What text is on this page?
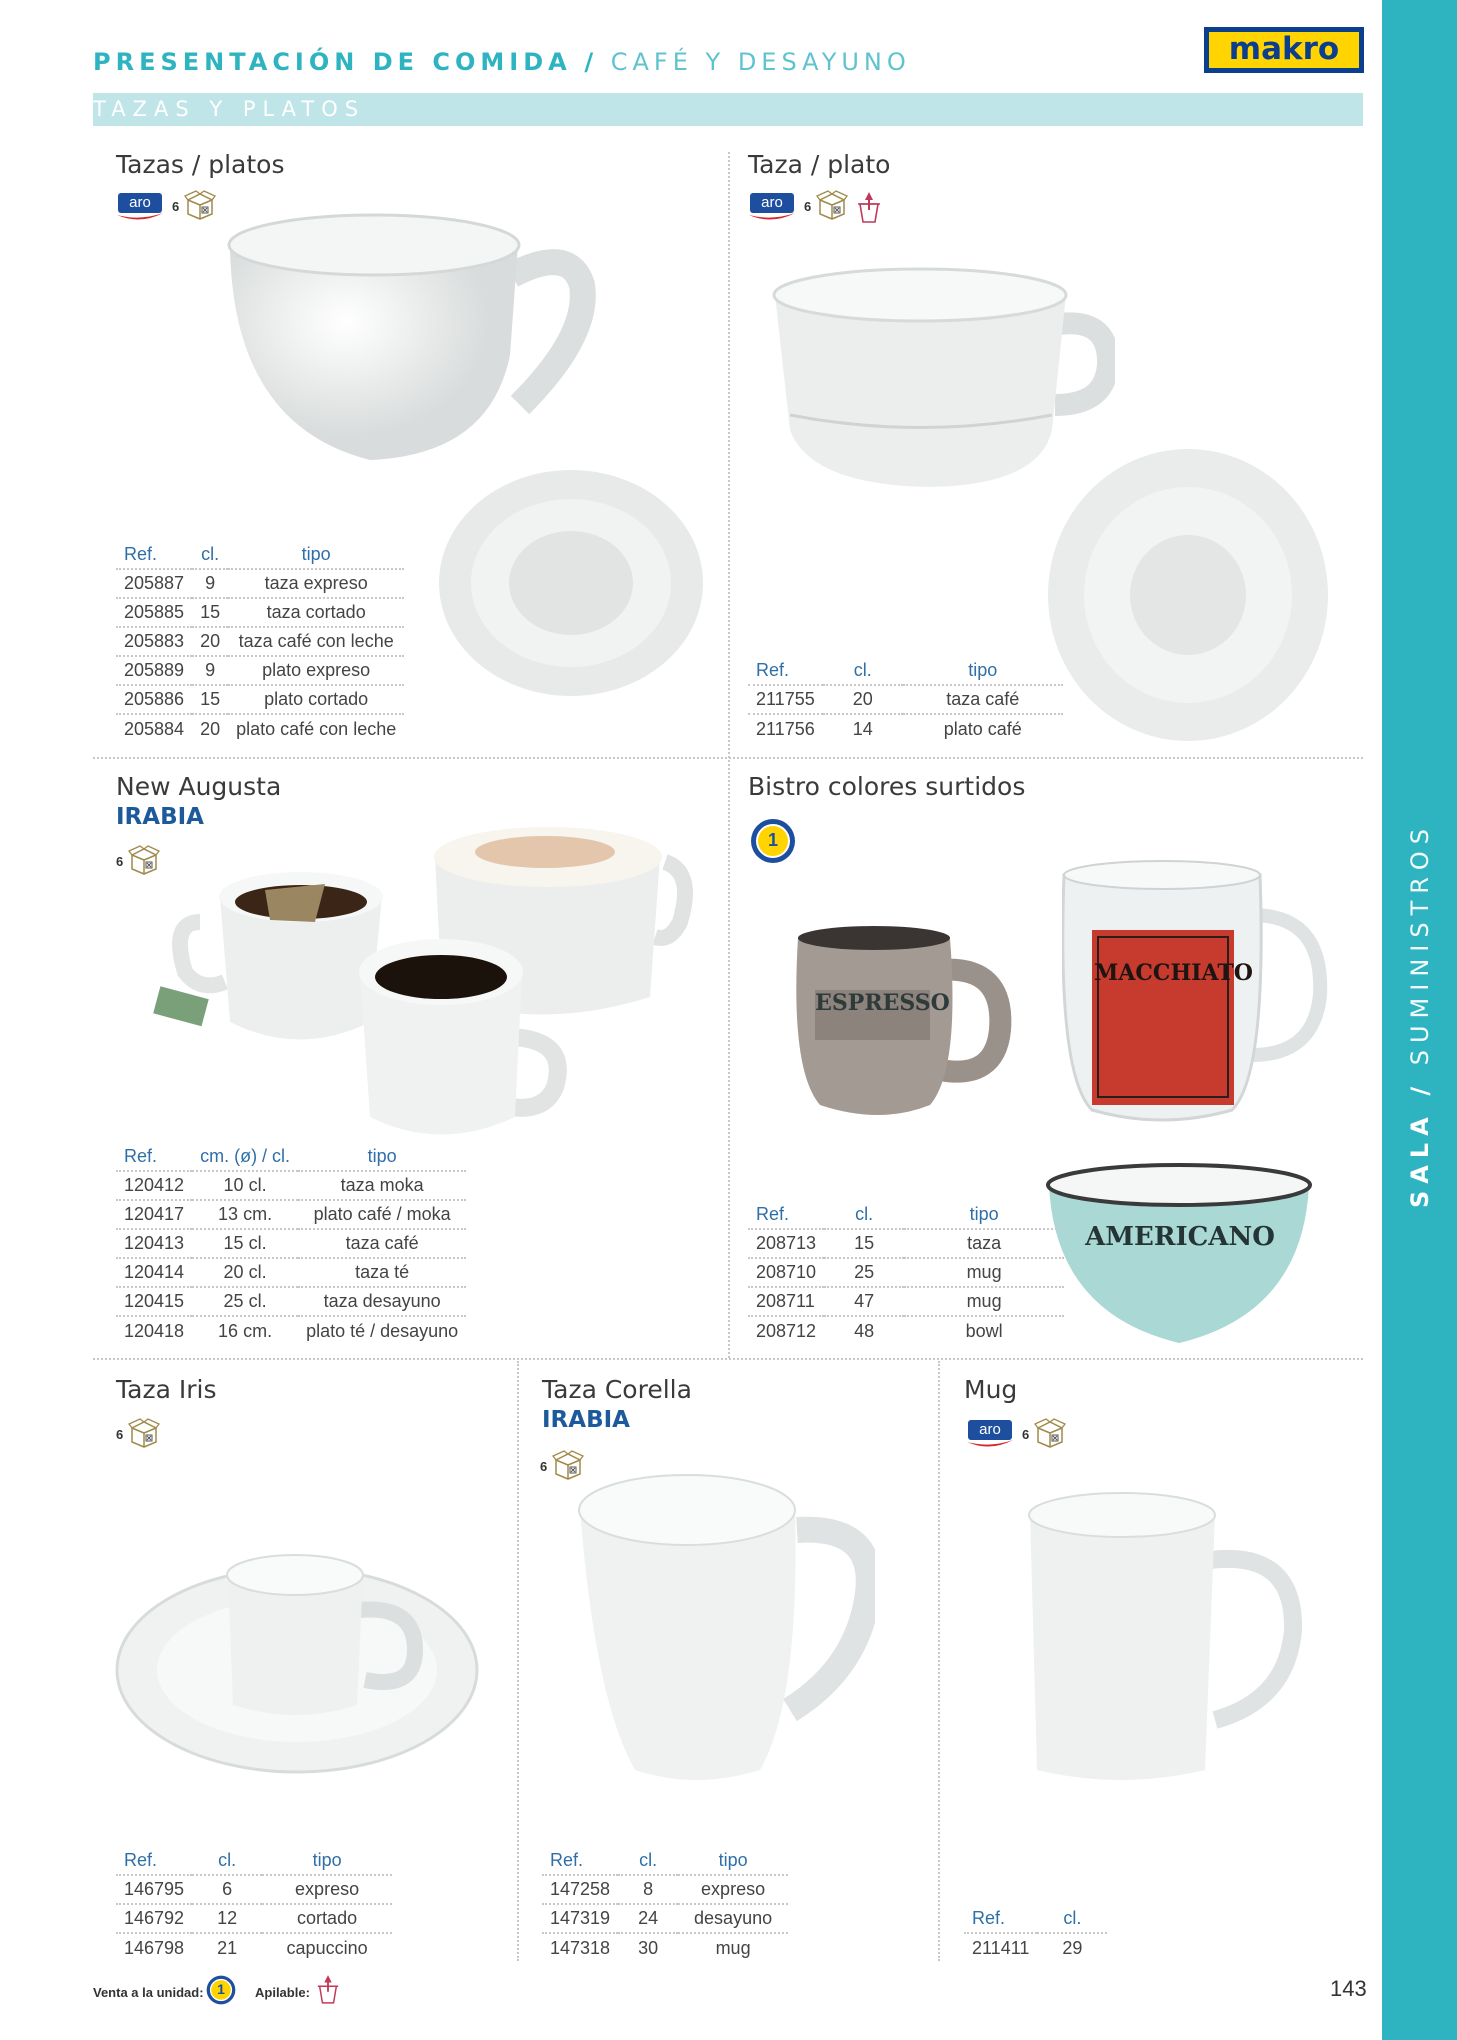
SALA / SUMINISTROS
PRESENTACIÓN DE COMIDA / CAFÉ Y DESAYUNO	makro
TAZAS Y PLATOS
Tazas / platos
aro	6
Ref.	cl.	tipo
205887	9	taza expreso
205885	15	taza cortado
205883	20	taza café con leche
205889	9	plato expreso
205886	15	plato cortado
205884	20	plato café con leche
Taza / plato
aro	6
Ref.	cl.	tipo
211755	20	taza café
211756	14	plato café
New Augusta
IRABIA
6
Ref.	cm. (ø) / cl.	tipo
120412	10 cl.	taza moka
120417	13 cm.	plato café / moka
120413	15 cl.	taza café
120414	20 cl.	taza té
120415	25 cl.	taza desayuno
120418	16 cm.	plato té / desayuno
Bistro colores surtidos
1
ESPRESSO
MACCHIATO
AMERICANO
Ref.	cl.	tipo
208713	15	taza
208710	25	mug
208711	47	mug
208712	48	bowl
Taza Iris
6
Ref.	cl.	tipo
146795	6	expreso
146792	12	cortado
146798	21	capuccino
Taza Corella
IRABIA
6
Ref.	cl.	tipo
147258	8	expreso
147319	24	desayuno
147318	30	mug
Mug
aro	6
Ref.	cl.
211411	29
Venta a la unidad: 1	Apilable:	143
